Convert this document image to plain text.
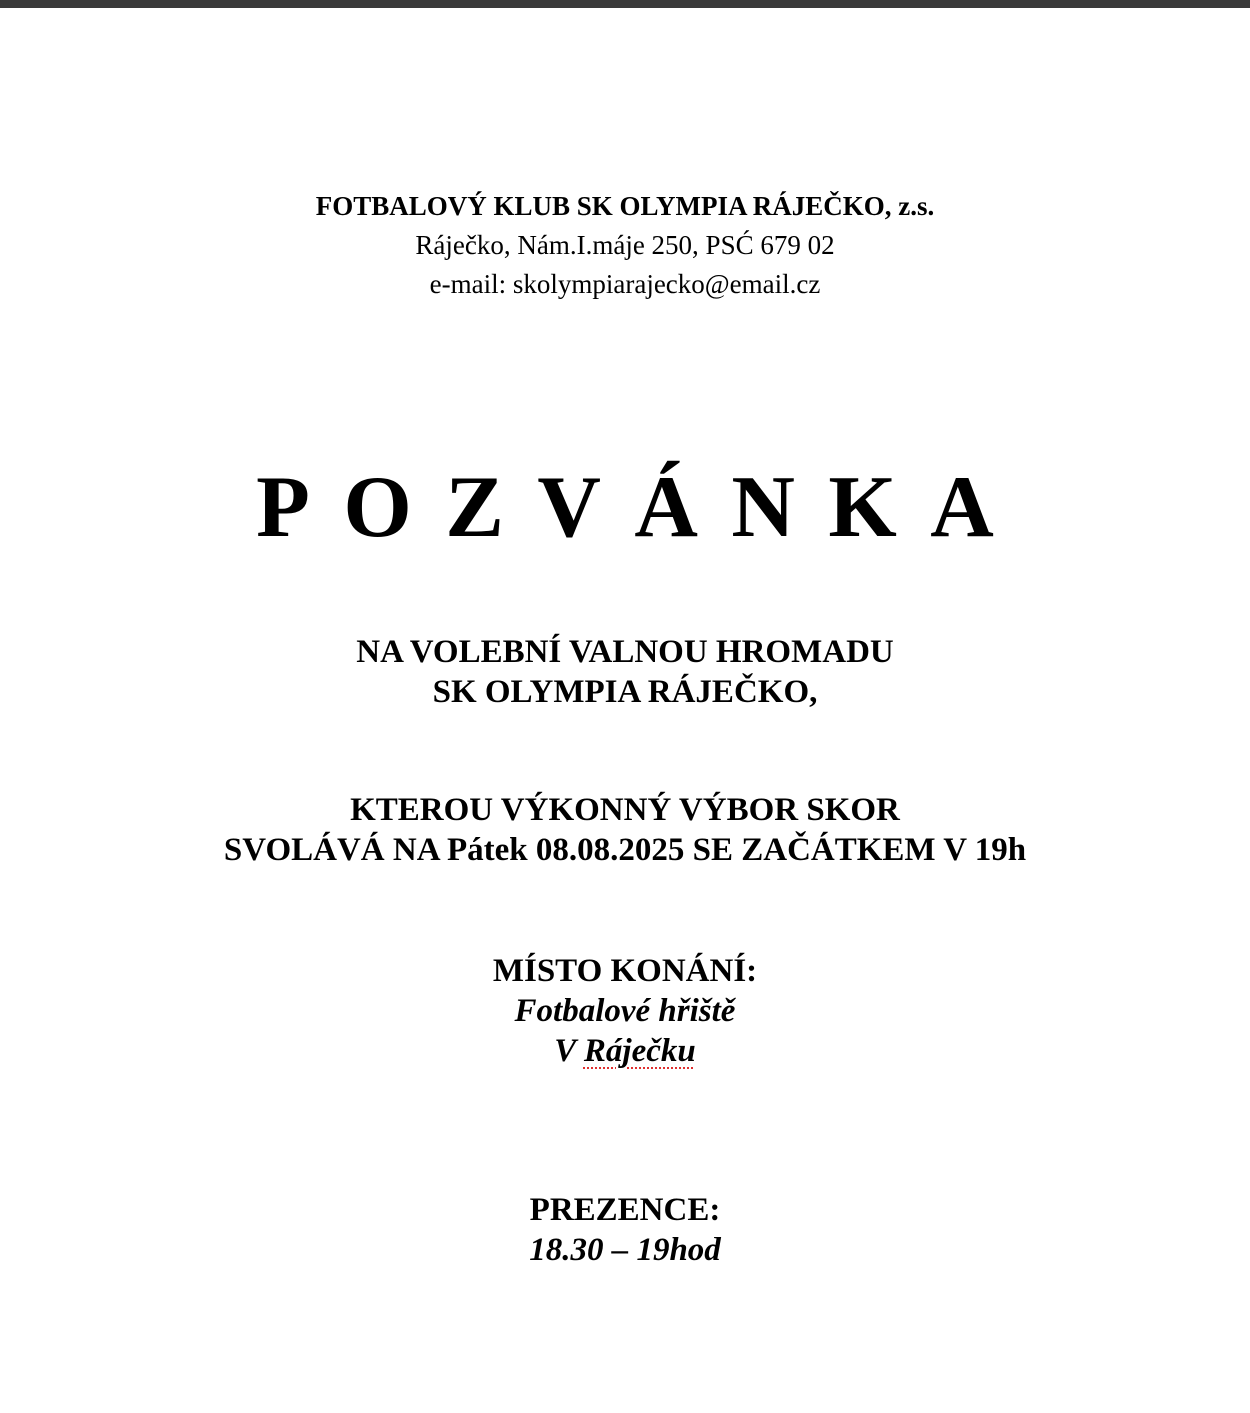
FOTBALOVÝ KLUB SK OLYMPIA RÁJEČKO, z.s.
Ráječko, Nám.I.máje 250, PSĆ 679 02
e-mail: skolympiarajecko@email.cz
POZVÁNKA
NA VOLEBNÍ VALNOU HROMADU
SK OLYMPIA RÁJEČKO,
KTEROU VÝKONNÝ VÝBOR SKOR
SVOLÁVÁ NA Pátek 08.08.2025 SE ZAČÁTKEM V 19h
MÍSTO KONÁNÍ:
Fotbalové hřiště
V Ráječku
PREZENCE:
18.30 – 19hod
